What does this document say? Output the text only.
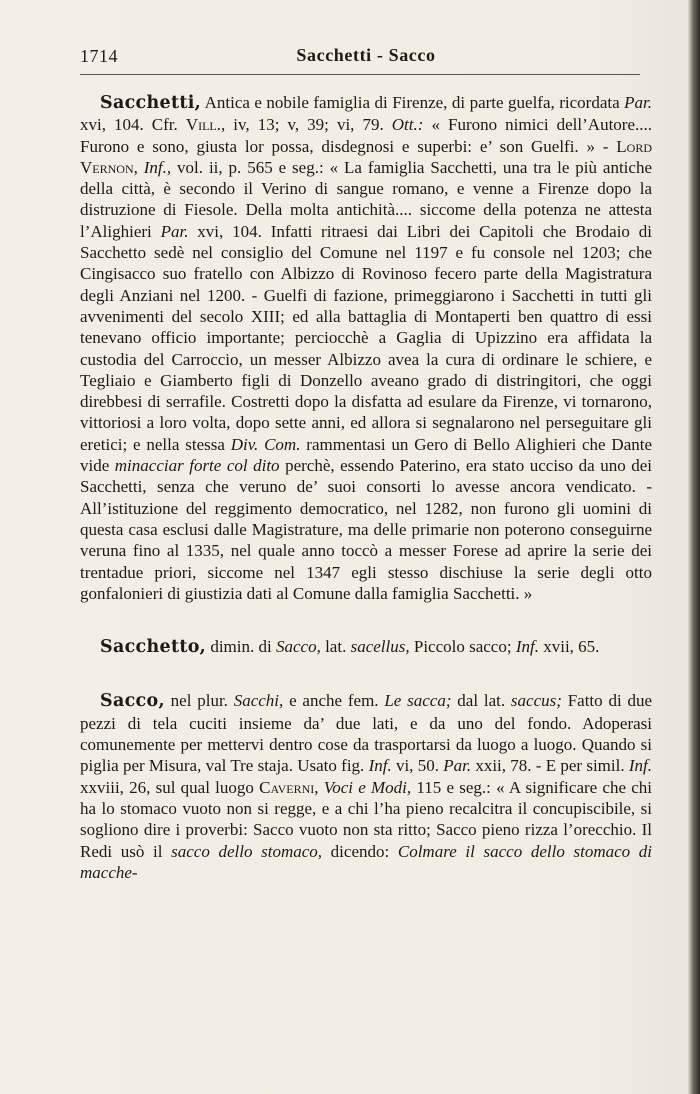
1714	Sacchetti - Sacco

Sacchetti, Antica e nobile famiglia di Firenze, di parte guelfa, ricordata Par. xvi, 104. Cfr. Vill., iv, 13; v, 39; vi, 79. Ott.: « Furono nimici dell’Autore.... Furono e sono, giusta lor possa, disdegnosi e superbi: e’ son Guelfi. » - Lord Vernon, Inf., vol. ii, p. 565 e seg.: « La famiglia Sacchetti, una tra le più antiche della città, è secondo il Verino di sangue romano, e venne a Firenze dopo la distruzione di Fiesole. Della molta antichità.... siccome della potenza ne attesta l’Alighieri Par. xvi, 104. Infatti ritraesi dai Libri dei Capitoli che Brodaio di Sacchetto sedè nel consiglio del Comune nel 1197 e fu console nel 1203; che Cingisacco suo fratello con Albizzo di Rovinoso fecero parte della Magistratura degli Anziani nel 1200. - Guelfi di fazione, primeggiarono i Sacchetti in tutti gli avvenimenti del secolo XIII; ed alla battaglia di Montaperti ben quattro di essi tenevano officio importante; perciocchè a Gaglia di Upizzino era affidata la custodia del Carroccio, un messer Albizzo avea la cura di ordinare le schiere, e Tegliaio e Giamberto figli di Donzello aveano grado di distringitori, che oggi direbbesi di serrafile. Costretti dopo la disfatta ad esulare da Firenze, vi tornarono, vittoriosi a loro volta, dopo sette anni, ed allora si segnalarono nel perseguitare gli eretici; e nella stessa Div. Com. rammentasi un Gero di Bello Alighieri che Dante vide minacciar forte col dito perchè, essendo Paterino, era stato ucciso da uno dei Sacchetti, senza che veruno de’ suoi consorti lo avesse ancora vendicato. - All’istituzione del reggimento democratico, nel 1282, non furono gli uomini di questa casa esclusi dalle Magistrature, ma delle primarie non poterono conseguirne veruna fino al 1335, nel quale anno toccò a messer Forese ad aprire la serie dei trentadue priori, siccome nel 1347 egli stesso dischiuse la serie degli otto gonfalonieri di giustizia dati al Comune dalla famiglia Sacchetti. »

Sacchetto, dimin. di Sacco, lat. sacellus, Piccolo sacco; Inf. xvii, 65.

Sacco, nel plur. Sacchi, e anche fem. Le sacca; dal lat. saccus; Fatto di due pezzi di tela cuciti insieme da’ due lati, e da uno del fondo. Adoperasi comunemente per mettervi dentro cose da trasportarsi da luogo a luogo. Quando si piglia per Misura, val Tre staja. Usato fig. Inf. vi, 50. Par. xxii, 78. - E per simil. Inf. xxviii, 26, sul qual luogo Caverni, Voci e Modi, 115 e seg.: « A significare che chi ha lo stomaco vuoto non si regge, e a chi l’ha pieno recalcitra il concupiscibile, si sogliono dire i proverbi: Sacco vuoto non sta ritto; Sacco pieno rizza l’orecchio. Il Redi usò il sacco dello stomaco, dicendo: Colmare il sacco dello stomaco di macche-
